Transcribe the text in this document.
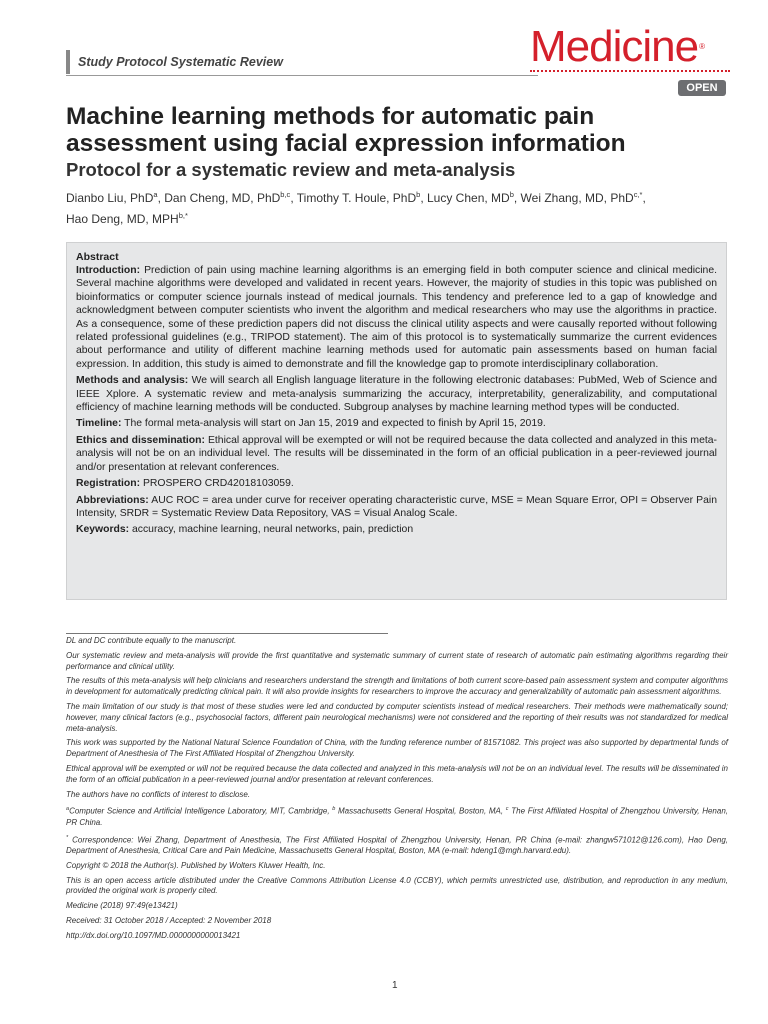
Study Protocol Systematic Review	Medicine®
OPEN
Machine learning methods for automatic pain assessment using facial expression information
Protocol for a systematic review and meta-analysis
Dianbo Liu, PhD$^a$, Dan Cheng, MD, PhD$^{b,c}$, Timothy T. Houle, PhD$^b$, Lucy Chen, $MD^b$, Wei Zhang, MD, PhD$^{c,*}$,
Hao Deng, MD, $MPH^{b,*}$

Abstract

Introduction: Prediction of pain using machine learning algorithms is an emerging field in both computer science and clinical medicine. Several machine algorithms were developed and validated in recent years. However, the majority of studies in this topic was published on bioinformatics or computer science journals instead of medical journals. This tendency and preference led to a gap of knowledge and acknowledgment between computer scientists who invent the algorithm and medical researchers who may use the algorithms in practice. As a consequence, some of these prediction papers did not discuss the clinical utility aspects and were causally reported without following related professional guidelines (e.g., TRIPOD statement). The aim of this protocol is to systematically summarize the current evidences about performance and utility of different machine learning methods used for automatic pain assessments based on human facial expression. In addition, this study is aimed to demonstrate and fill the knowledge gap to promote interdisciplinary collaboration.

Methods and analysis: We will search all English language literature in the following electronic databases: PubMed, Web of Science and IEEE Xplore. A systematic review and meta-analysis summarizing the accuracy, interpretability, generalizability, and computational efficiency of machine learning methods will be conducted. Subgroup analyses by machine learning method types will be conducted.

Timeline: The formal meta-analysis will start on Jan 15, 2019 and expected to finish by April 15, 2019.

Ethics and dissemination: Ethical approval will be exempted or will not be required because the data collected and analyzed in this meta-analysis will not be on an individual level. The results will be disseminated in the form of an official publication in a peer-reviewed journal and/or presentation at relevant conferences.

Registration: PROSPERO CRD42018103059.

Abbreviations: AUC ROC = area under curve for receiver operating characteristic curve, MSE = Mean Square Error, OPI = Observer Pain Intensity, SRDR = Systematic Review Data Repository, VAS = Visual Analog Scale.

Keywords: accuracy, machine learning, neural networks, pain, prediction

DL and DC contribute equally to the manuscript.

Our systematic review and meta-analysis will provide the first quantitative and systematic summary of current state of research of automatic pain estimating algorithms regarding their performance and clinical utility.

The results of this meta-analysis will help clinicians and researchers understand the strength and limitations of both current score-based pain assessment system and computer algorithms in development for automatically predicting clinical pain. It will also provide insights for researchers to improve the accuracy and generalizability of automatic pain assessment algorithms.

The main limitation of our study is that most of these studies were led and conducted by computer scientists instead of medical researchers. Their methods were mathematically sound; however, many clinical factors (e.g., psychosocial factors, different pain neurological mechanisms) were not considered and the reporting of their results was not standardized for medical meta-analysis.

This work was supported by the National Natural Science Foundation of China, with the funding reference number of 81571082. This project was also supported by departmental funds of Department of Anesthesia of The First Affiliated Hospital of Zhengzhou University.

Ethical approval will be exempted or will not be required because the data collected and analyzed in this meta-analysis will not be on an individual level. The results will be disseminated in the form of an official publication in a peer-reviewed journal and/or presentation at relevant conferences.

The authors have no conflicts of interest to disclose.

$^a$Computer Science and Artificial Intelligence Laboratory, MIT, Cambridge, $^b$ Massachusetts General Hospital, Boston, MA, $^c$ The First Affiliated Hospital of Zhengzhou University, Henan, PR China.

* Correspondence: Wei Zhang, Department of Anesthesia, The First Affiliated Hospital of Zhengzhou University, Henan, PR China (e-mail: zhangw571012@126.com), Hao Deng, Department of Anesthesia, Critical Care and Pain Medicine, Massachusetts General Hospital, Boston, MA (e-mail: hdeng1@mgh.harvard.edu).

Copyright © 2018 the Author(s). Published by Wolters Kluwer Health, Inc.

This is an open access article distributed under the Creative Commons Attribution License 4.0 (CCBY), which permits unrestricted use, distribution, and reproduction in any medium, provided the original work is properly cited.

Medicine (2018) 97:49(e13421)

Received: 31 October 2018 / Accepted: 2 November 2018

http://dx.doi.org/10.1097/MD.0000000000013421

1
